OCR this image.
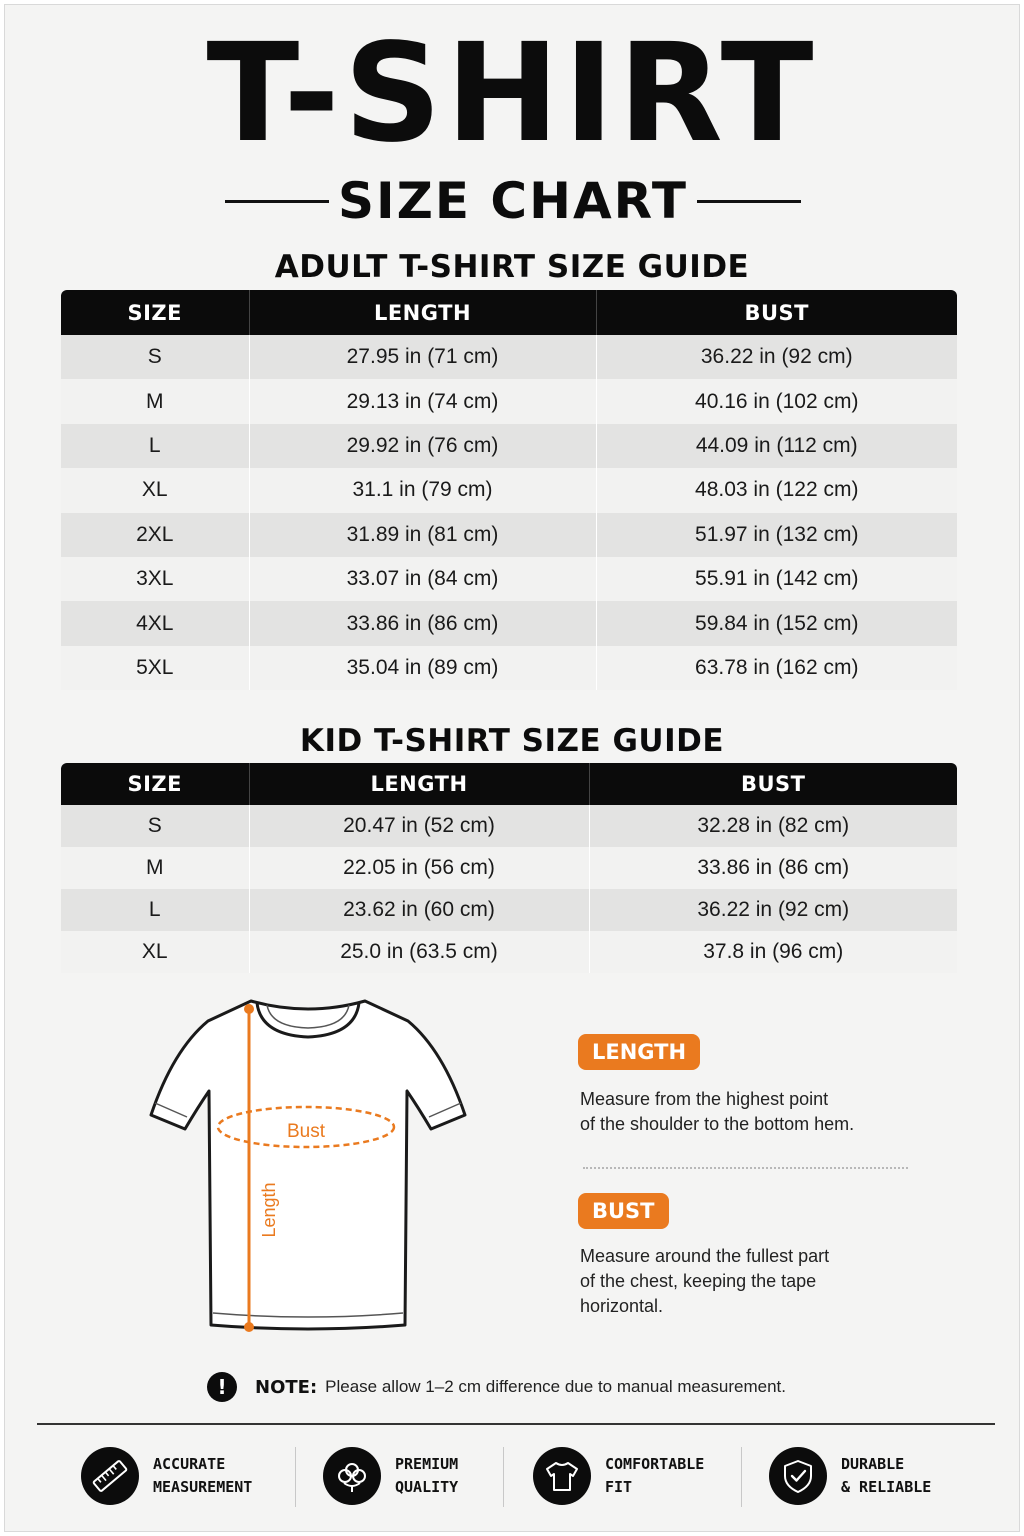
T-SHIRT
SIZE CHART
ADULT T-SHIRT SIZE GUIDE
SIZE	LENGTH	BUST
S	27.95 in (71 cm)	36.22 in (92 cm)
M	29.13 in (74 cm)	40.16 in (102 cm)
L	29.92 in (76 cm)	44.09 in (112 cm)
XL	31.1 in (79 cm)	48.03 in (122 cm)
2XL	31.89 in (81 cm)	51.97 in (132 cm)
3XL	33.07 in (84 cm)	55.91 in (142 cm)
4XL	33.86 in (86 cm)	59.84 in (152 cm)
5XL	35.04 in (89 cm)	63.78 in (162 cm)
KID T-SHIRT SIZE GUIDE
SIZE	LENGTH	BUST
S	20.47 in (52 cm)	32.28 in (82 cm)
M	22.05 in (56 cm)	33.86 in (86 cm)
L	23.62 in (60 cm)	36.22 in (92 cm)
XL	25.0 in (63.5 cm)	37.8 in (96 cm)
Bust
Length
LENGTH
Measure from the highest point
of the shoulder to the bottom hem.
BUST
Measure around the fullest part
of the chest, keeping the tape
horizontal.
!	NOTE: Please allow 1–2 cm difference due to manual measurement.
ACCURATE
MEASUREMENT
PREMIUM
QUALITY
COMFORTABLE
FIT
DURABLE
& RELIABLE
